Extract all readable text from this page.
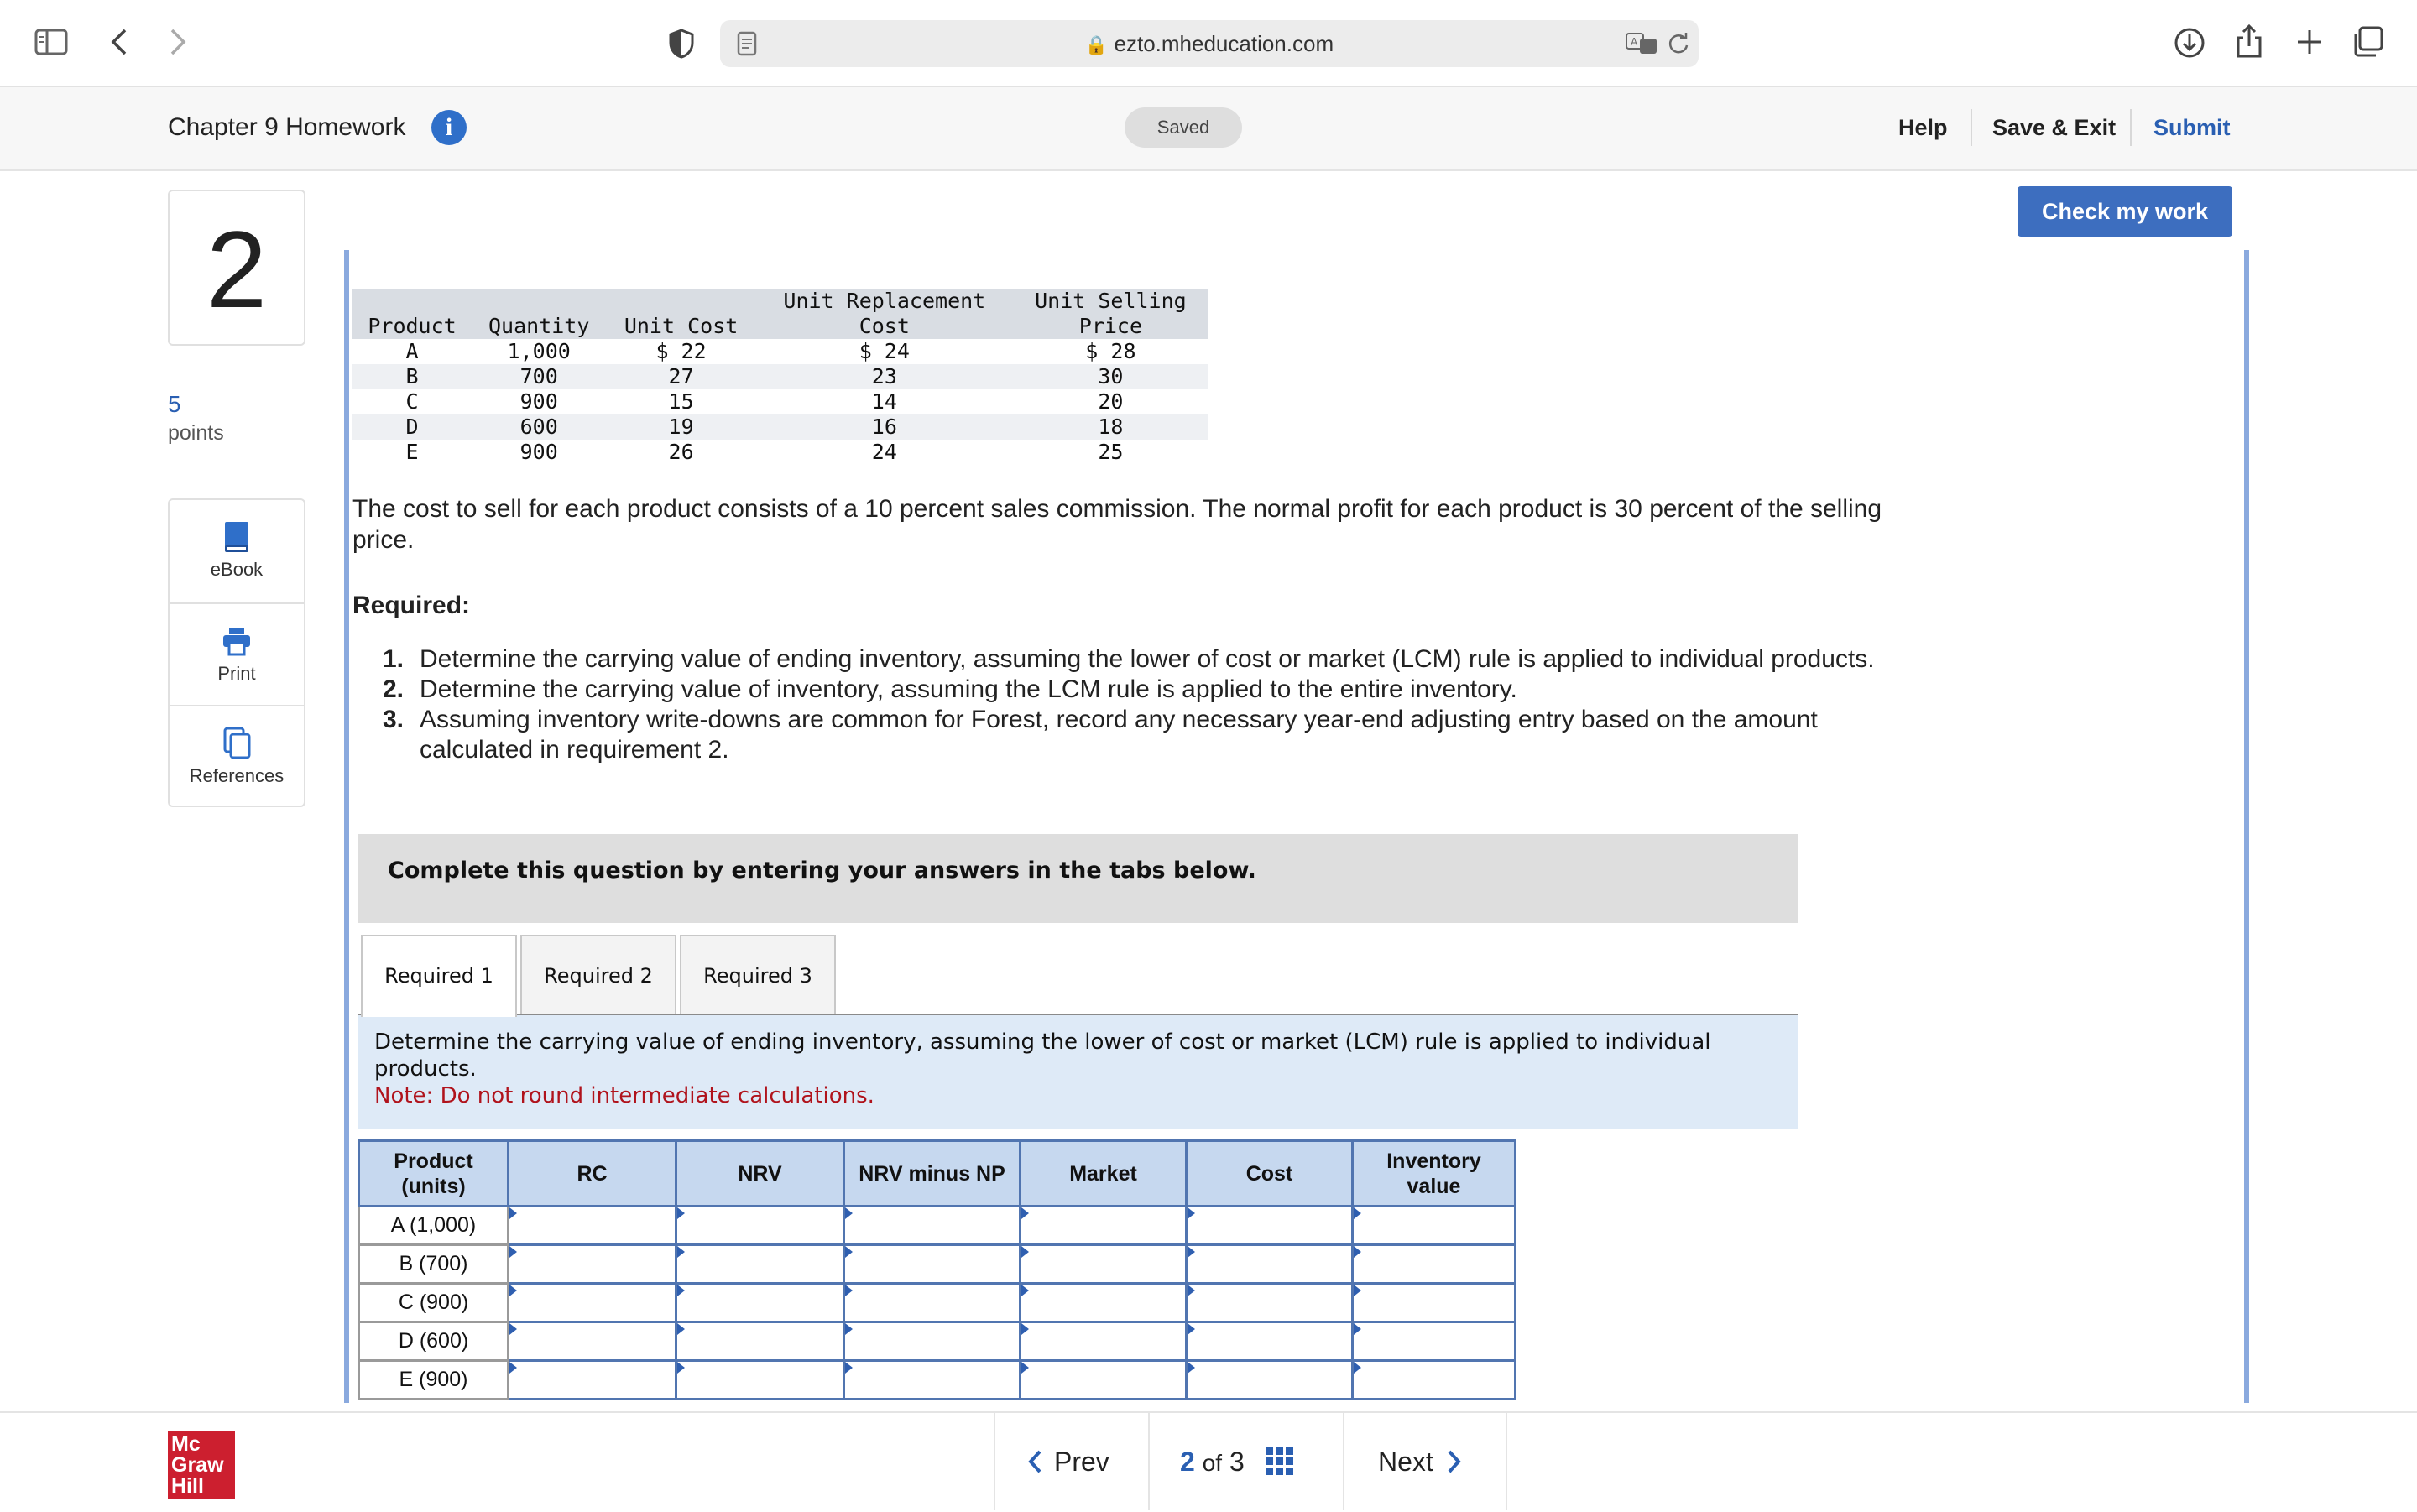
🔒 ezto.mheducation.com	A
Chapter 9 Homework	i	Saved	Help Save & Exit Submit
Check my work
2
5
points
eBook
Print
References

Product	Quantity	Unit Cost	Unit Replacement
Cost	Unit Selling
Price
A	1,000	$ 22	$ 24	$ 28
B	700	27	23	30
C	900	15	14	20
D	600	19	16	18
E	900	26	24	25
The cost to sell for each product consists of a 10 percent sales commission. The normal profit for each product is 30 percent of the selling price.
Required:
1. Determine the carrying value of ending inventory, assuming the lower of cost or market (LCM) rule is applied to individual products.
2. Determine the carrying value of inventory, assuming the LCM rule is applied to the entire inventory.
3. Assuming inventory write-downs are common for Forest, record any necessary year-end adjusting entry based on the amount calculated in requirement 2.
Complete this question by entering your answers in the tabs below.
Required 1	Required 2	Required 3
Determine the carrying value of ending inventory, assuming the lower of cost or market (LCM) rule is applied to individual products.
Note: Do not round intermediate calculations.
Product
(units)	RC	NRV	NRV minus NP	Market	Cost	Inventory
value
A (1,000)						
B (700)						
C (900)						
D (600)						
E (900)						
Mc
Graw
Hill
Prev	2 of 3	Next
